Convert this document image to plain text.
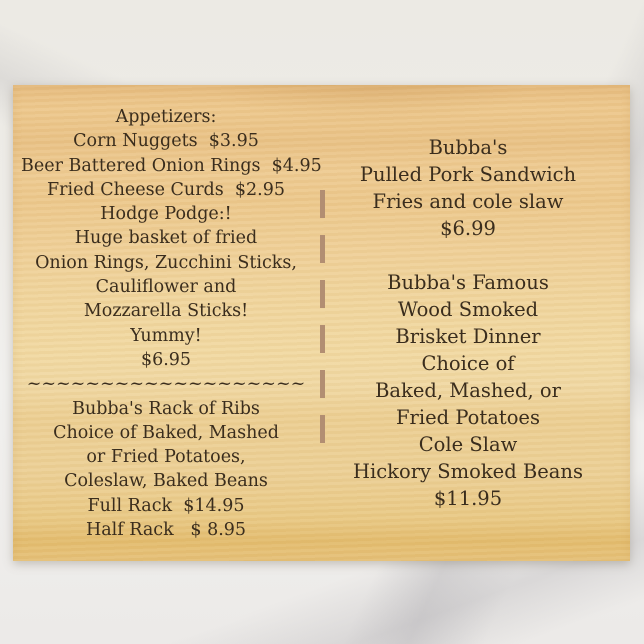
Appetizers:
Corn Nuggets  $3.95
Beer Battered Onion Rings  $4.95
Fried Cheese Curds  $2.95
Hodge Podge:!
Huge basket of fried
Onion Rings, Zucchini Sticks,
Cauliflower and
Mozzarella Sticks!
Yummy!
$6.95
~~~~~~~~~~~~~~~~~~~
Bubba's Rack of Ribs
Choice of Baked, Mashed
or Fried Potatoes,
Coleslaw, Baked Beans
Full Rack  $14.95
Half Rack   $ 8.95
Bubba's
Pulled Pork Sandwich
Fries and cole slaw
$6.99
Bubba's Famous
Wood Smoked
Brisket Dinner
Choice of
Baked, Mashed, or
Fried Potatoes
Cole Slaw
Hickory Smoked Beans
$11.95
